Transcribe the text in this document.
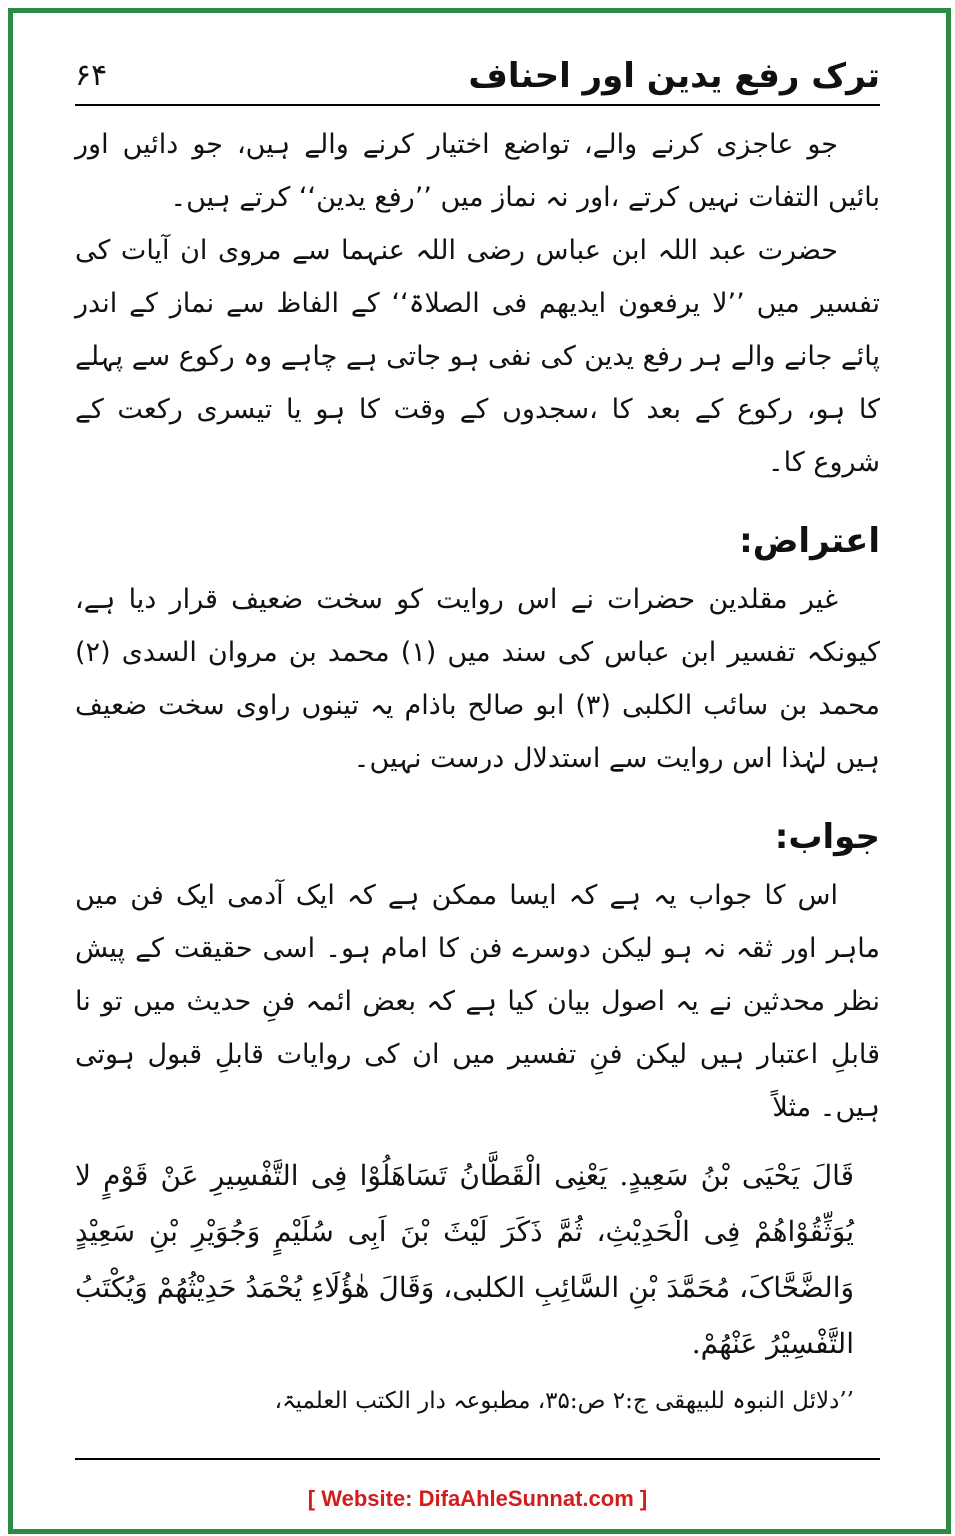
ترک رفع یدین اور احناف
۶۴

جو عاجزی کرنے والے، تواضع اختیار کرنے والے ہیں، جو دائیں اور بائیں التفات نہیں کرتے ،اور نہ نماز میں ’’رفع یدین‘‘ کرتے ہیں۔

حضرت عبد اللہ ابن عباس رضی اللہ عنہما سے مروی ان آیات کی تفسیر میں ’’لا یرفعون ایدیھم فی الصلاۃ‘‘ کے الفاظ سے نماز کے اندر پائے جانے والے ہر رفع یدین کی نفی ہو جاتی ہے چاہے وہ رکوع سے پہلے کا ہو، رکوع کے بعد کا ،سجدوں کے وقت کا ہو یا تیسری رکعت کے شروع کا۔

اعتراض:

غیر مقلدین حضرات نے اس روایت کو سخت ضعیف قرار دیا ہے، کیونکہ تفسیر ابن عباس کی سند میں (۱) محمد بن مروان السدی (۲) محمد بن سائب الکلبی (۳) ابو صالح باذام یہ تینوں راوی سخت ضعیف ہیں لہٰذا اس روایت سے استدلال درست نہیں۔

جواب:

اس کا جواب یہ ہے کہ ایسا ممکن ہے کہ ایک آدمی ایک فن میں ماہر اور ثقہ نہ ہو لیکن دوسرے فن کا امام ہو۔ اسی حقیقت کے پیش نظر محدثین نے یہ اصول بیان کیا ہے کہ بعض ائمہ فنِ حدیث میں تو نا قابلِ اعتبار ہیں لیکن فنِ تفسیر میں ان کی روایات قابلِ قبول ہوتی ہیں۔ مثلاً

قَالَ یَحْیَی بْنُ سَعِیدٍ. یَعْنِی الْقَطَّانُ تَسَاھَلُوْا فِی التَّفْسِیرِ عَنْ قَوْمٍ لا یُوَثِّقُوْاھُمْ فِی الْحَدِیْثِ، ثُمَّ ذَکَرَ لَیْثَ بْنَ اَبِی سُلَیْمٍ وَجُوَیْرِ بْنِ سَعِیْدٍ وَالضَّحَّاکَ، مُحَمَّدَ بْنِ السَّائِبِ الکلبی، وَقَالَ ھٰؤُلَاءِ یُحْمَدُ حَدِیْثُھُمْ وَیُکْتَبُ التَّفْسِیْرُ عَنْھُمْ.

’’دلائل النبوہ للبیھقی ج:۲ ص:۳۵، مطبوعہ دار الکتب العلمیۃ،
[ Website: DifaAhleSunnat.com ]
